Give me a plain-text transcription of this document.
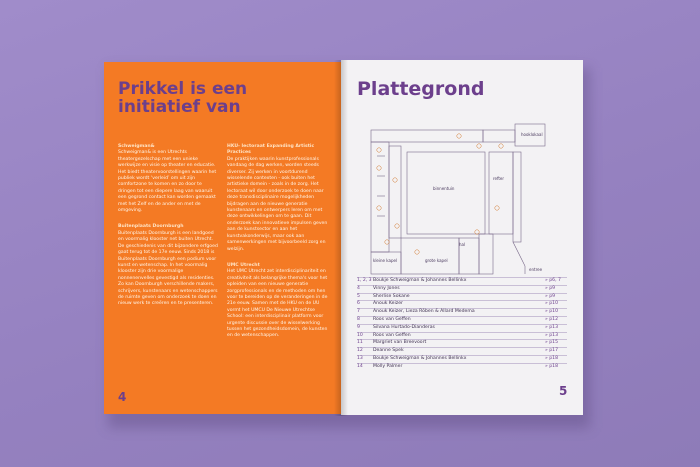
Prikkel is een initiatief van
Schweigman&
Schweigman& is een Utrechts theatergezelschap met een unieke werkwijze en visie op theater en educatie. Het biedt theatervoorstellingen waarin het publiek wordt ‘verleid’ om uit zijn comfortzone te komen en zo door te dringen tot een diepere laag van waaruit een gegrond contact kan worden gemaakt met het Zelf en de ander en met de omgeving.
Buitenplaats Doornburgh
Buitenplaats Doornburgh is een landgoed en voormalig klooster net buiten Utrecht. De geschiedenis van dit bijzondere erfgoed gaat terug tot de 17e eeuw. Sinds 2018 is Buitenplaats Doornburgh een podium voor kunst en wetenschap. In het voormalig klooster zijn drie voormalige nonnenenvelles gevestigd als residenties. Zo kan Doornburgh verschillende makers, schrijvers, kunstenaars en wetenschappers de ruimte geven om onderzoek te doen en nieuw werk te creëren en te presenteren.
HKU- lectoraat Expanding Artistic Practices
De praktijken waarin kunstprofessionals vandaag de dag werken, worden steeds diverser. Zij werken in voortdurend wisselende contexten - ook buiten het artistieke domein - zoals in de zorg. Het lectoraat wil door onderzoek te doen naar deze transdisciplinaire mogelijkheden bijdragen aan de nieuwe generatie kunstenaars en ontwerpers leren om met deze ontwikkelingen om te gaan. Dit onderzoek kan innovatieve impulsen geven aan de kunstsector en aan het kunstvakonderwijs, maar ook aan samenwerkingen met bijvoorbeeld zorg en welzijn.
UMC Utrecht
Het UMC Utrecht zet interdisciplinariteit en creativiteit als belangrijke thema's voor het opleiden van een nieuwe generatie zorgprofessionals en de methoden om hen voor te bereiden op de veranderingen in de 21e eeuw. Samen met de HKU en de UU vormt het UMCU De Nieuwe Utrechtse School: een interdisciplinair platform voor urgente discussie over de wisselwerking tussen het gezondheidsdomein, de kunsten en de wetenschappen.
4
Plattegrond
binnentuin
refter
hal
kleine kapel	grote kapel
hooklokaal
entree
1, 2, 3 Boukje Schweigman & Johannes Bellinkx	» p6, 7
4	Vinny Jones	» p9
5	Sherlise Sokane	» p9
6	Anouk Keizer	» p10
7	Anouk Keizer, Lieza Röben & Allard Medema	» p10
8	Roos van Geffen	» p12
9	Silvana Hurtado-Dianderas	» p13
10	Roos van Geffen	» p13
11	Margriet van Breevoort	» p15
12	Deanne Spek	» p17
13	Boukje Schweigman & Johannes Bellinkx	» p18
14	Molly Palmer	» p18
5
